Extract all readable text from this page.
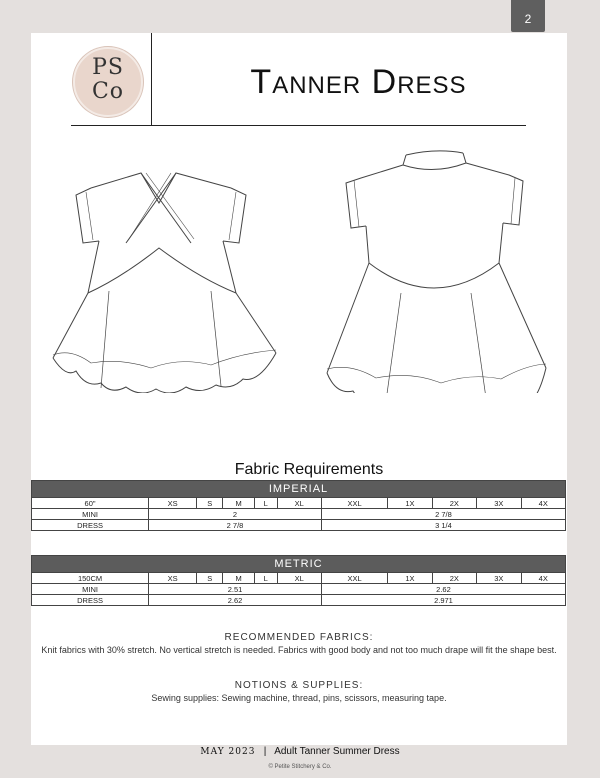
2
PS
Co	Tanner Dress
Fabric Requirements
IMPERIAL										
60"	XS	S	M	L	XL	XXL	1X	2X	3X	4X
MINI	2					2 7/8				
DRESS	2 7/8					3 1/4				
METRIC										
150CM	XS	S	M	L	XL	XXL	1X	2X	3X	4X
MINI	2.51					2.62				
DRESS	2.62					2.971				
RECOMMENDED FABRICS:
Knit fabrics with 30% stretch. No vertical stretch is needed. Fabrics with good body and not too much drape will fit the shape best.
NOTIONS & SUPPLIES:
Sewing supplies: Sewing machine, thread, pins, scissors, measuring tape.
MAY 2023 | Adult Tanner Summer Dress
© Petite Stitchery & Co.
